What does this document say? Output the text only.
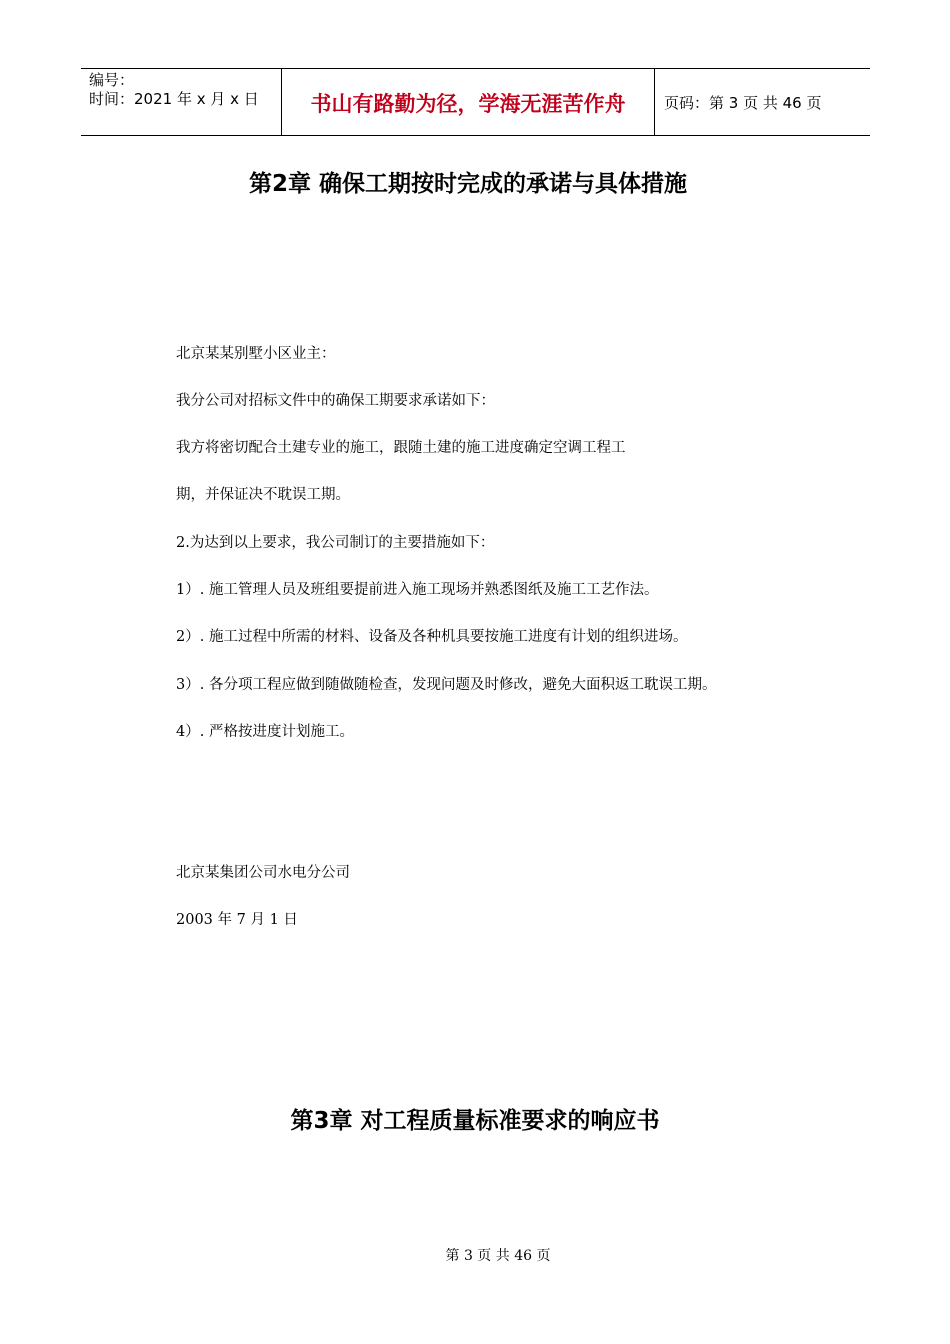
编号：
时间：2021 年 x 月 x 日	书山有路勤为径，学海无涯苦作舟	页码：第 3 页 共 46 页
第2章 确保工期按时完成的承诺与具体措施
北京某某别墅小区业主：
我分公司对招标文件中的确保工期要求承诺如下：
我方将密切配合土建专业的施工，跟随土建的施工进度确定空调工程工
期，并保证决不耽误工期。
2.为达到以上要求，我公司制订的主要措施如下：
1）. 施工管理人员及班组要提前进入施工现场并熟悉图纸及施工工艺作法。
2）. 施工过程中所需的材料、设备及各种机具要按施工进度有计划的组织进场。
3）. 各分项工程应做到随做随检查，发现问题及时修改，避免大面积返工耽误工期。
4）. 严格按进度计划施工。
北京某集团公司水电分公司
2003 年 7 月 1 日
第3章 对工程质量标准要求的响应书
第 3 页 共 46 页
